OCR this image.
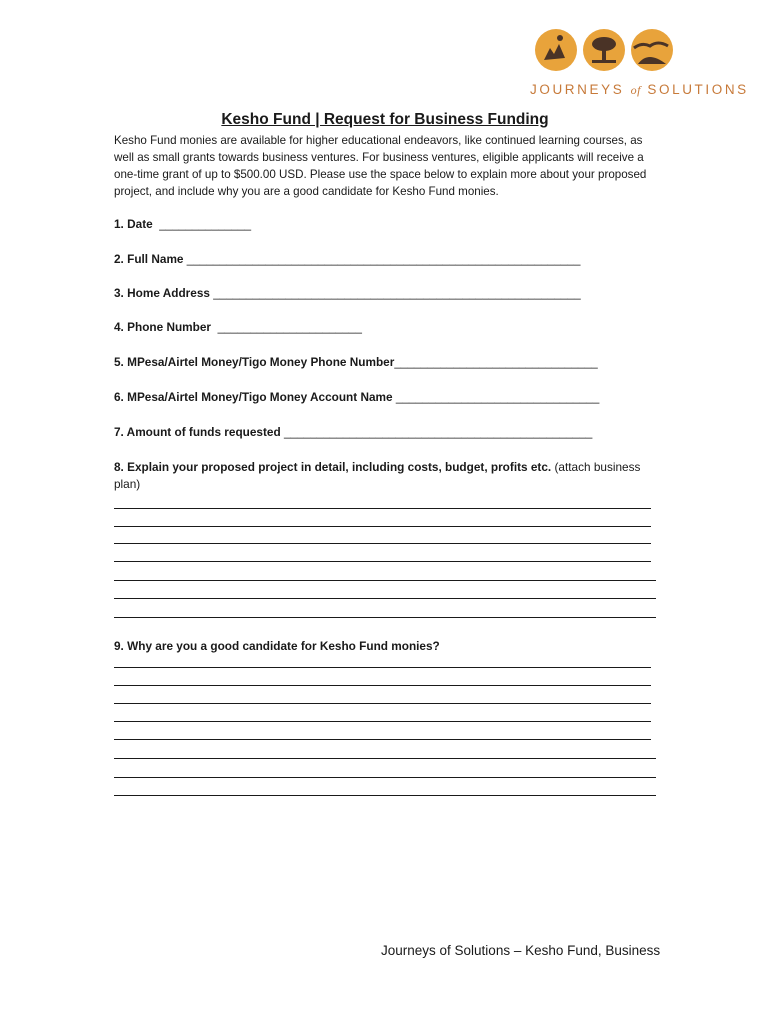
JOURNEYS of SOLUTIONS
Kesho Fund | Request for Business Funding
Kesho Fund monies are available for higher educational endeavors, like continued learning courses, as well as small grants towards business ventures. For business ventures, eligible applicants will receive a one-time grant of up to $500.00 USD. Please use the space below to explain more about your proposed project, and include why you are a good candidate for Kesho Fund monies.
1. Date ______________
2. Full Name ____________________________________________________________
3. Home Address ________________________________________________________
4. Phone Number ______________________
5. MPesa/Airtel Money/Tigo Money Phone Number_______________________________
6. MPesa/Airtel Money/Tigo Money Account Name _______________________________
7. Amount of funds requested _______________________________________________
8. Explain your proposed project in detail, including costs, budget, profits etc. (attach business plan)
9. Why are you a good candidate for Kesho Fund monies?
Journeys of Solutions – Kesho Fund, Business
